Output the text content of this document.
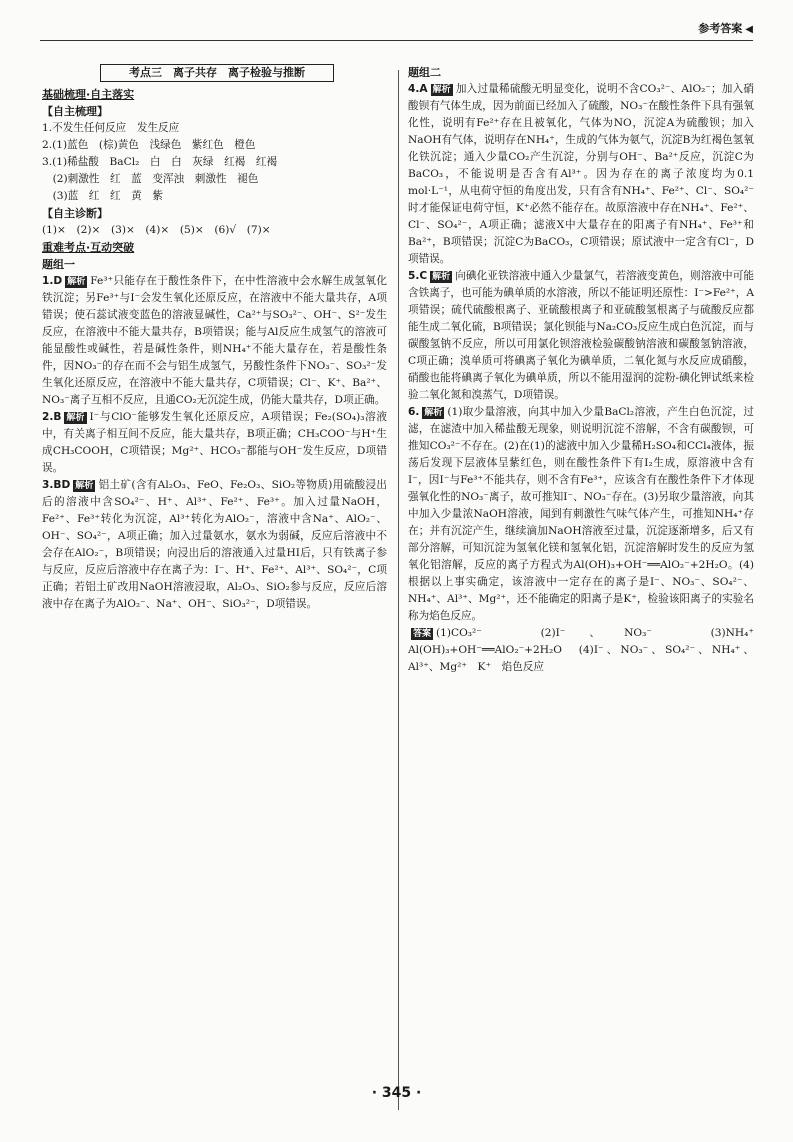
参考答案 ◀
考点三　离子共存　离子检验与推断
基础梳理·自主落实
【自主梳理】
1.不发生任何反应　发生反应
2.(1)蓝色　(棕)黄色　浅绿色　紫红色　橙色
3.(1)稀盐酸　BaCl₂　白　白　灰绿　红褐　红褐
　(2)刺激性　红　蓝　变浑浊　刺激性　褪色
　(3)蓝　红　红　黄　紫
【自主诊断】
(1)×　(2)×　(3)×　(4)×　(5)×　(6)√　(7)×
重难考点·互动突破
题组一
1.D 解析 Fe³⁺只能存在于酸性条件下，在中性溶液中会水解生成氢氧化铁沉淀；另Fe³⁺与I⁻会发生氧化还原反应，在溶液中不能大量共存，A项错误；使石蕊试液变蓝色的溶液显碱性，Ca²⁺与SO₃²⁻、OH⁻、S²⁻发生反应，在溶液中不能大量共存，B项错误；能与Al反应生成氢气的溶液可能显酸性或碱性，若是碱性条件，则NH₄⁺不能大量存在，若是酸性条件，因NO₃⁻的存在而不会与铝生成氢气，另酸性条件下NO₃⁻、SO₃²⁻发生氧化还原反应，在溶液中不能大量共存，C项错误；Cl⁻、K⁺、Ba²⁺、NO₃⁻离子互相不反应，且通CO₂无沉淀生成，仍能大量共存，D项正确。
2.B 解析 I⁻与ClO⁻能够发生氧化还原反应，A项错误；Fe₂(SO₄)₃溶液中，有关离子相互间不反应，能大量共存，B项正确；CH₃COO⁻与H⁺生成CH₃COOH，C项错误；Mg²⁺、HCO₃⁻都能与OH⁻发生反应，D项错误。
3.BD 解析 铝土矿(含有Al₂O₃、FeO、Fe₂O₃、SiO₂等物质)用硫酸浸出后的溶液中含SO₄²⁻、H⁺、Al³⁺、Fe²⁺、Fe³⁺。加入过量NaOH，Fe²⁺、Fe³⁺转化为沉淀，Al³⁺转化为AlO₂⁻，溶液中含Na⁺、AlO₂⁻、OH⁻、SO₄²⁻，A项正确；加入过量氨水，氨水为弱碱，反应后溶液中不会存在AlO₂⁻，B项错误；向浸出后的溶液通入过量HI后，只有铁离子参与反应，反应后溶液中存在离子为：I⁻、H⁺、Fe²⁺、Al³⁺、SO₄²⁻，C项正确；若铝土矿改用NaOH溶液浸取，Al₂O₃、SiO₂参与反应，反应后溶液中存在离子为AlO₂⁻、Na⁺、OH⁻、SiO₃²⁻，D项错误。
题组二
4.A 解析 加入过量稀硫酸无明显变化，说明不含CO₃²⁻、AlO₂⁻；加入硝酸钡有气体生成，因为前面已经加入了硫酸，NO₃⁻在酸性条件下具有强氧化性，说明有Fe²⁺存在且被氧化，气体为NO，沉淀A为硫酸钡；加入NaOH有气体，说明存在NH₄⁺，生成的气体为氨气，沉淀B为红褐色氢氧化铁沉淀；通入少量CO₂产生沉淀，分别与OH⁻、Ba²⁺反应，沉淀C为BaCO₃，不能说明是否含有Al³⁺。因为存在的离子浓度均为0.1 mol·L⁻¹，从电荷守恒的角度出发，只有含有NH₄⁺、Fe²⁺、Cl⁻、SO₄²⁻时才能保证电荷守恒，K⁺必然不能存在。故原溶液中存在NH₄⁺、Fe²⁺、Cl⁻、SO₄²⁻，A项正确；滤液X中大量存在的阳离子有NH₄⁺、Fe³⁺和Ba²⁺，B项错误；沉淀C为BaCO₃，C项错误；原试液中一定含有Cl⁻，D项错误。
5.C 解析 向碘化亚铁溶液中通入少量氯气，若溶液变黄色，则溶液中可能含铁离子，也可能为碘单质的水溶液，所以不能证明还原性：I⁻>Fe²⁺，A项错误；硫代硫酸根离子、亚硫酸根离子和亚硫酸氢根离子与硫酸反应都能生成二氧化硫，B项错误；氯化钡能与Na₂CO₃反应生成白色沉淀，而与碳酸氢钠不反应，所以可用氯化钡溶液检验碳酸钠溶液和碳酸氢钠溶液，C项正确；溴单质可将碘离子氧化为碘单质，二氧化氮与水反应成硝酸，硝酸也能将碘离子氧化为碘单质，所以不能用湿润的淀粉-碘化钾试纸来检验二氧化氮和溴蒸气，D项错误。
6. 解析 (1)取少量溶液，向其中加入少量BaCl₂溶液，产生白色沉淀，过滤，在滤渣中加入稀盐酸无现象，则说明沉淀不溶解，不含有碳酸钡，可推知CO₃²⁻不存在。(2)在(1)的滤液中加入少量稀H₂SO₄和CCl₄液体，振荡后发现下层液体呈紫红色，则在酸性条件下有I₂生成，原溶液中含有I⁻，因I⁻与Fe³⁺不能共存，则不含有Fe³⁺，应该含有在酸性条件下才体现强氧化性的NO₃⁻离子，故可推知I⁻、NO₃⁻存在。(3)另取少量溶液，向其中加入少量浓NaOH溶液，闻到有刺激性气味气体产生，可推知NH₄⁺存在；并有沉淀产生，继续滴加NaOH溶液至过量，沉淀逐渐增多，后又有部分溶解，可知沉淀为氢氧化镁和氢氧化铝，沉淀溶解时发生的反应为氢氧化铝溶解，反应的离子方程式为Al(OH)₃+OH⁻══AlO₂⁻+2H₂O。(4)根据以上事实确定，该溶液中一定存在的离子是I⁻、NO₃⁻、SO₄²⁻、NH₄⁺、Al³⁺、Mg²⁺，还不能确定的阳离子是K⁺，检验该阳离子的实验名称为焰色反应。
答案 (1)CO₃²⁻　(2)I⁻、NO₃⁻　(3)NH₄⁺　Al(OH)₃+OH⁻══AlO₂⁻+2H₂O　(4)I⁻、NO₃⁻、SO₄²⁻、NH₄⁺、Al³⁺、Mg²⁺　K⁺　焰色反应
· 345 ·
